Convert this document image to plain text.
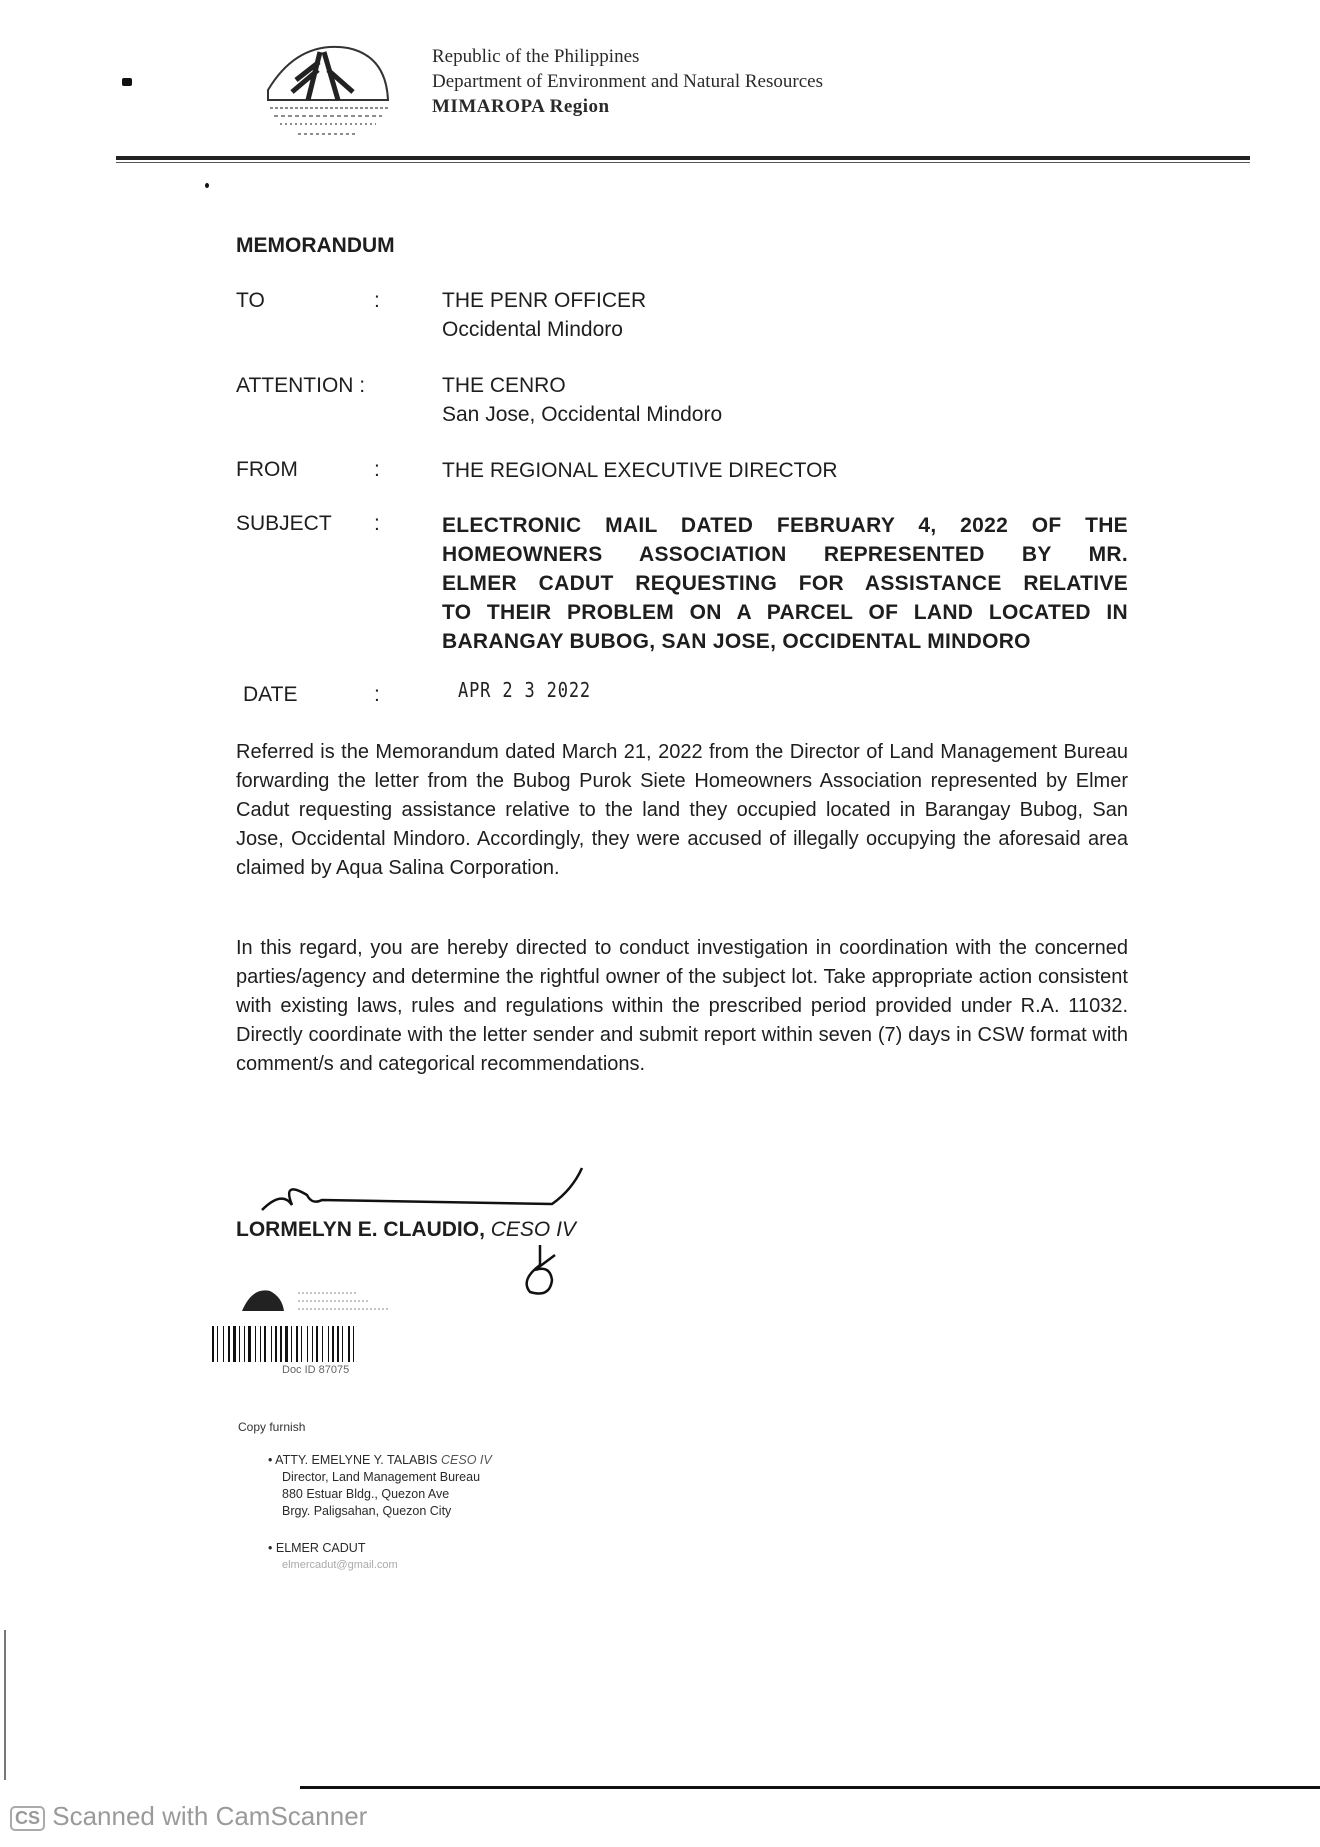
Republic of the Philippines
Department of Environment and Natural Resources
MIMAROPA Region
MEMORANDUM
TO	:	THE PENR OFFICER
Occidental Mindoro
ATTENTION :	THE CENRO
San Jose, Occidental Mindoro
FROM	:	THE REGIONAL EXECUTIVE DIRECTOR
SUBJECT :	ELECTRONIC MAIL DATED FEBRUARY 4, 2022 OF THE
HOMEOWNERS ASSOCIATION REPRESENTED BY MR.
ELMER CADUT REQUESTING FOR ASSISTANCE RELATIVE
TO THEIR PROBLEM ON A PARCEL OF LAND LOCATED IN
BARANGAY BUBOG, SAN JOSE, OCCIDENTAL MINDORO
DATE	:	APR 2 3 2022

Referred is the Memorandum dated March 21, 2022 from the Director of Land Management Bureau forwarding the letter from the Bubog Purok Siete Homeowners Association represented by Elmer Cadut requesting assistance relative to the land they occupied located in Barangay Bubog, San Jose, Occidental Mindoro. Accordingly, they were accused of illegally occupying the aforesaid area claimed by Aqua Salina Corporation.

In this regard, you are hereby directed to conduct investigation in coordination with the concerned parties/agency and determine the rightful owner of the subject lot. Take appropriate action consistent with existing laws, rules and regulations within the prescribed period provided under R.A. 11032. Directly coordinate with the letter sender and submit report within seven (7) days in CSW format with comment/s and categorical recommendations.

LORMELYN E. CLAUDIO, CESO IV
Doc ID 87075
Copy furnish
• ATTY. EMELYNE Y. TALABIS CESO IV
Director, Land Management Bureau
880 Estuar Bldg., Quezon Ave
Brgy. Paligsahan, Quezon City
• ELMER CADUT
elmercadut@gmail.com
CS Scanned with CamScanner
